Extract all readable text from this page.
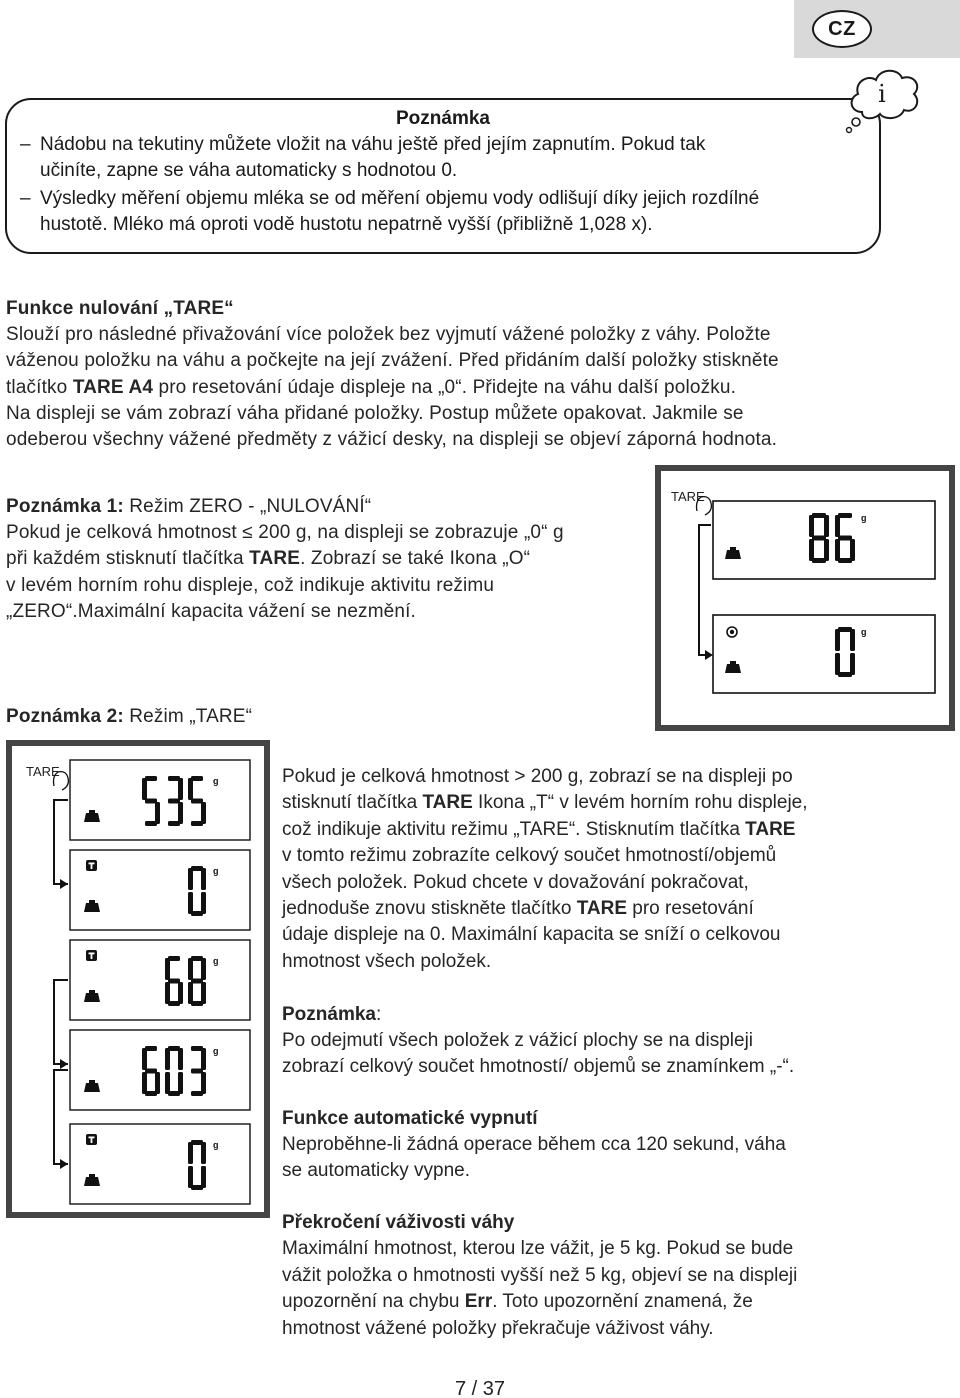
CZ
i
Poznámka
– Nádobu na tekutiny můžete vložit na váhu ještě před jejím zapnutím. Pokud tak
učiníte, zapne se váha automaticky s hodnotou 0.
– Výsledky měření objemu mléka se od měření objemu vody odlišují díky jejich rozdílné
hustotě. Mléko má oproti vodě hustotu nepatrně vyšší (přibližně 1,028 x).
Funkce nulování „TARE“
Slouží pro následné přivažování více položek bez vyjmutí vážené položky z váhy. Položte
váženou položku na váhu a počkejte na její zvážení. Před přidáním další položky stiskněte
tlačítko TARE A4 pro resetování údaje displeje na „0“. Přidejte na váhu další položku.
Na displeji se vám zobrazí váha přidané položky. Postup můžete opakovat. Jakmile se
odeberou všechny vážené předměty z vážicí desky, na displeji se objeví záporná hodnota.
Poznámka 1: Režim ZERO - „NULOVÁNÍ“
Pokud je celková hmotnost ≤ 200 g, na displeji se zobrazuje „0“ g
při každém stisknutí tlačítka TARE. Zobrazí se také Ikona „O“
v levém horním rohu displeje, což indikuje aktivitu režimu
„ZERO“.Maximální kapacita vážení se nezmění.
TARE
g
g
Poznámka 2: Režim „TARE“
TARE
g
g
g
g
g
Pokud je celková hmotnost > 200 g, zobrazí se na displeji po
stisknutí tlačítka TARE Ikona „T“ v levém horním rohu displeje,
což indikuje aktivitu režimu „TARE“. Stisknutím tlačítka TARE
v tomto režimu zobrazíte celkový součet hmotností/objemů
všech položek. Pokud chcete v dovažování pokračovat,
jednoduše znovu stiskněte tlačítko TARE pro resetování
údaje displeje na 0. Maximální kapacita se sníží o celkovou
hmotnost všech položek.
Poznámka:
Po odejmutí všech položek z vážicí plochy se na displeji
zobrazí celkový součet hmotností/ objemů se znamínkem „-“.
Funkce automatické vypnutí
Neproběhne-li žádná operace během cca 120 sekund, váha
se automaticky vypne.
Překročení váživosti váhy
Maximální hmotnost, kterou lze vážit, je 5 kg. Pokud se bude
vážit položka o hmotnosti vyšší než 5 kg, objeví se na displeji
upozornění na chybu Err. Toto upozornění znamená, že
hmotnost vážené položky překračuje váživost váhy.
7 / 37
